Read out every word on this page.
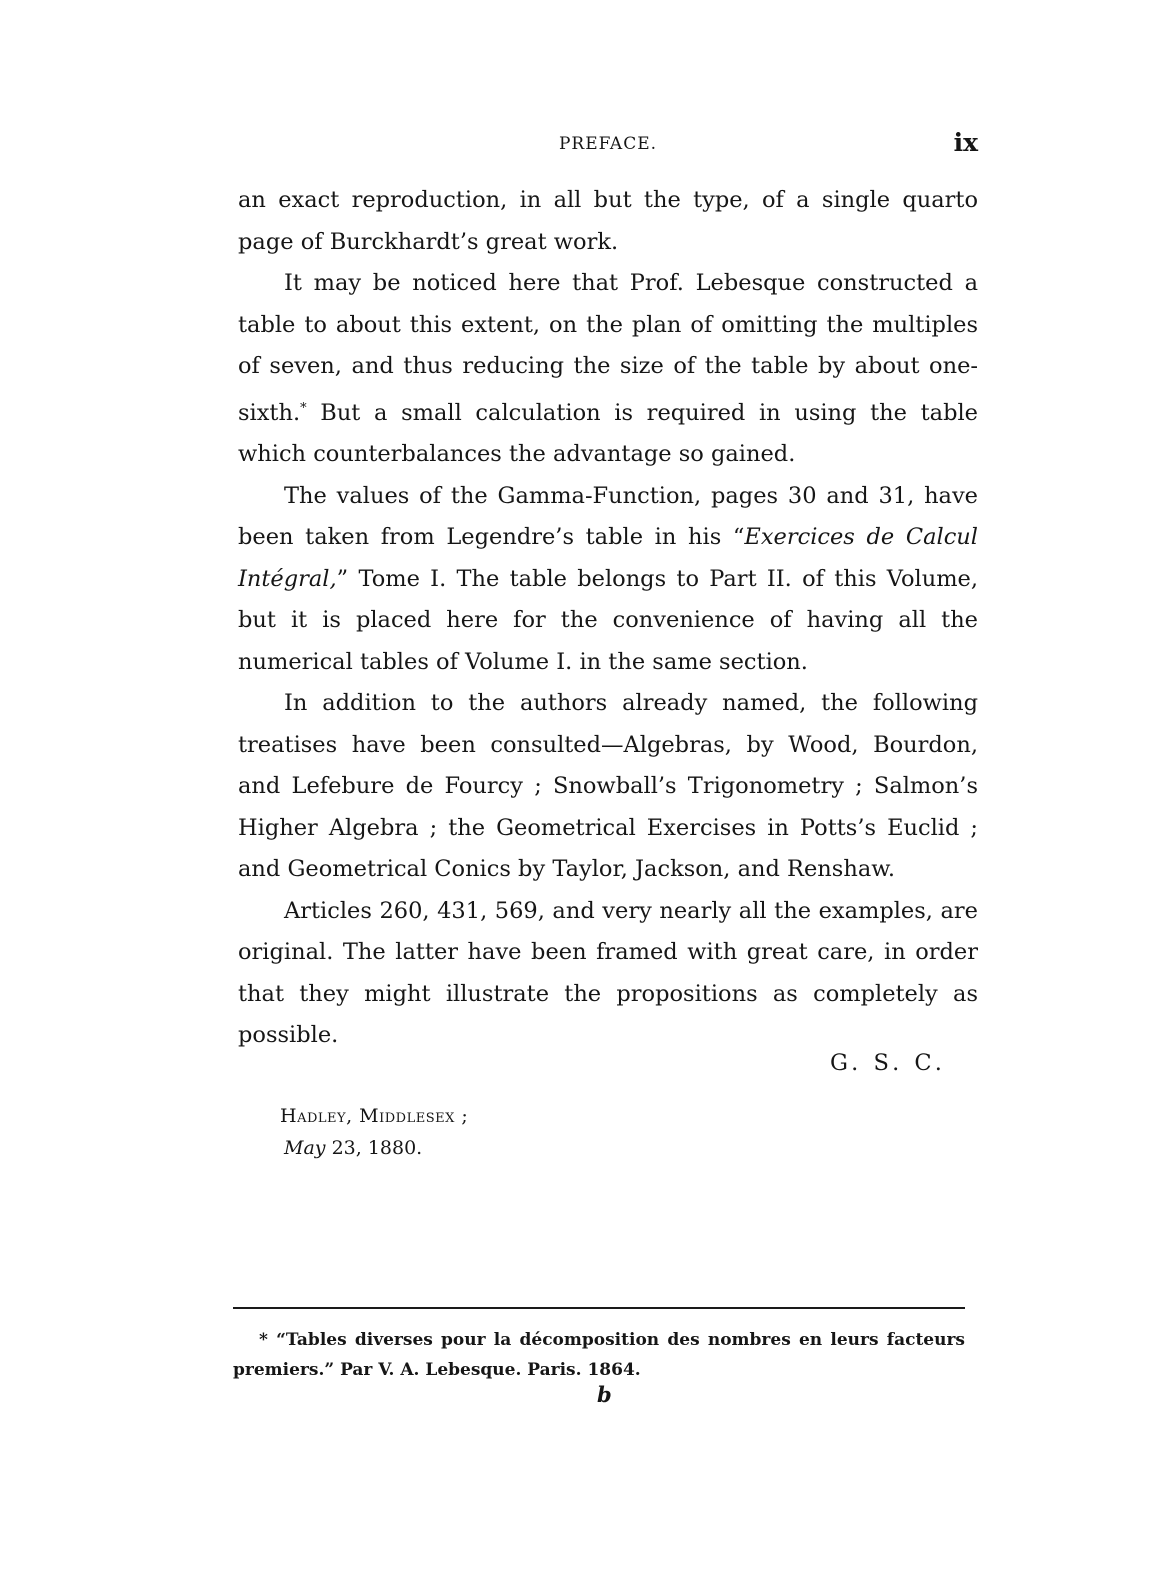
PREFACE.	ix

an exact reproduction, in all but the type, of a single quarto page of Burckhardt’s great work.

It may be noticed here that Prof. Lebesque constructed a table to about this extent, on the plan of omitting the multiples of seven, and thus reducing the size of the table by about one-sixth.* But a small calculation is required in using the table which counterbalances the advantage so gained.

The values of the Gamma-Function, pages 30 and 31, have been taken from Legendre’s table in his “Exercices de Calcul Intégral,” Tome I. The table belongs to Part II. of this Volume, but it is placed here for the convenience of having all the numerical tables of Volume I. in the same section.

In addition to the authors already named, the following treatises have been consulted—Algebras, by Wood, Bourdon, and Lefebure de Fourcy ; Snowball’s Trigonometry ; Salmon’s Higher Algebra ; the Geometrical Exercises in Potts’s Euclid ; and Geometrical Conics by Taylor, Jackson, and Renshaw.

Articles 260, 431, 569, and very nearly all the examples, are original. The latter have been framed with great care, in order that they might illustrate the propositions as completely as possible.

G. S. C.
Hadley, Middlesex ;
May 23, 1880.
* “Tables diverses pour la décomposition des nombres en leurs facteurs premiers.” Par V. A. Lebesque. Paris. 1864.
b
